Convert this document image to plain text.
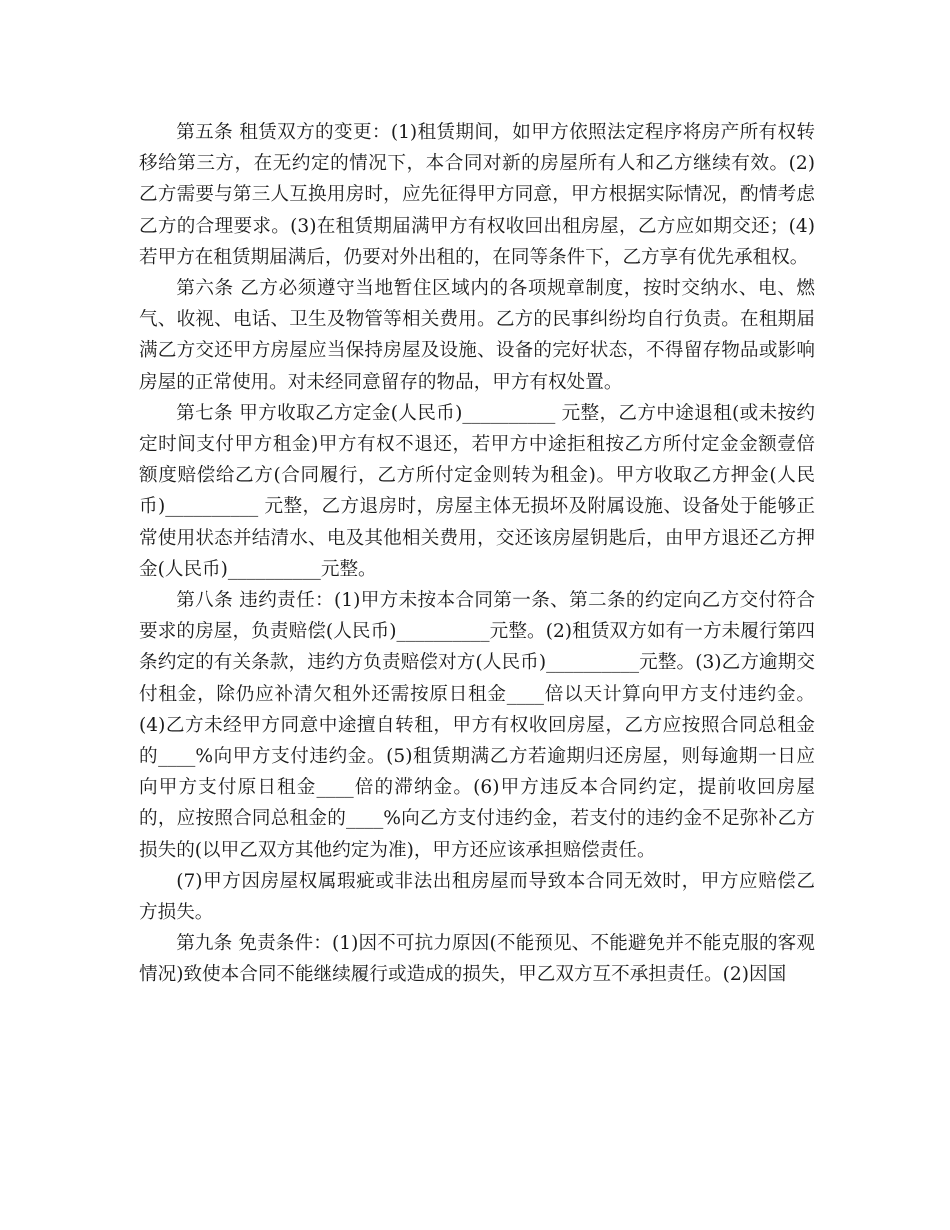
第五条 租赁双方的变更：(1)租赁期间，如甲方依照法定程序将房产所有权转移给第三方，在无约定的情况下，本合同对新的房屋所有人和乙方继续有效。(2)乙方需要与第三人互换用房时，应先征得甲方同意，甲方根据实际情况，酌情考虑乙方的合理要求。(3)在租赁期届满甲方有权收回出租房屋，乙方应如期交还；(4)若甲方在租赁期届满后，仍要对外出租的，在同等条件下，乙方享有优先承租权。

第六条 乙方必须遵守当地暂住区域内的各项规章制度，按时交纳水、电、燃气、收视、电话、卫生及物管等相关费用。乙方的民事纠纷均自行负责。在租期届满乙方交还甲方房屋应当保持房屋及设施、设备的完好状态，不得留存物品或影响房屋的正常使用。对未经同意留存的物品，甲方有权处置。

第七条 甲方收取乙方定金(人民币)__________ 元整，乙方中途退租(或未按约定时间支付甲方租金)甲方有权不退还，若甲方中途拒租按乙方所付定金金额壹倍额度赔偿给乙方(合同履行，乙方所付定金则转为租金)。甲方收取乙方押金(人民币)__________ 元整，乙方退房时，房屋主体无损坏及附属设施、设备处于能够正常使用状态并结清水、电及其他相关费用，交还该房屋钥匙后，由甲方退还乙方押金(人民币)__________元整。

第八条 违约责任：(1)甲方未按本合同第一条、第二条的约定向乙方交付符合要求的房屋，负责赔偿(人民币)__________元整。(2)租赁双方如有一方未履行第四条约定的有关条款，违约方负责赔偿对方(人民币)__________元整。(3)乙方逾期交付租金，除仍应补清欠租外还需按原日租金____倍以天计算向甲方支付违约金。(4)乙方未经甲方同意中途擅自转租，甲方有权收回房屋，乙方应按照合同总租金的____%向甲方支付违约金。(5)租赁期满乙方若逾期归还房屋，则每逾期一日应向甲方支付原日租金____倍的滞纳金。(6)甲方违反本合同约定，提前收回房屋的，应按照合同总租金的____%向乙方支付违约金，若支付的违约金不足弥补乙方损失的(以甲乙双方其他约定为准)，甲方还应该承担赔偿责任。

(7)甲方因房屋权属瑕疵或非法出租房屋而导致本合同无效时，甲方应赔偿乙方损失。

第九条 免责条件：(1)因不可抗力原因(不能预见、不能避免并不能克服的客观情况)致使本合同不能继续履行或造成的损失，甲乙双方互不承担责任。(2)因国
